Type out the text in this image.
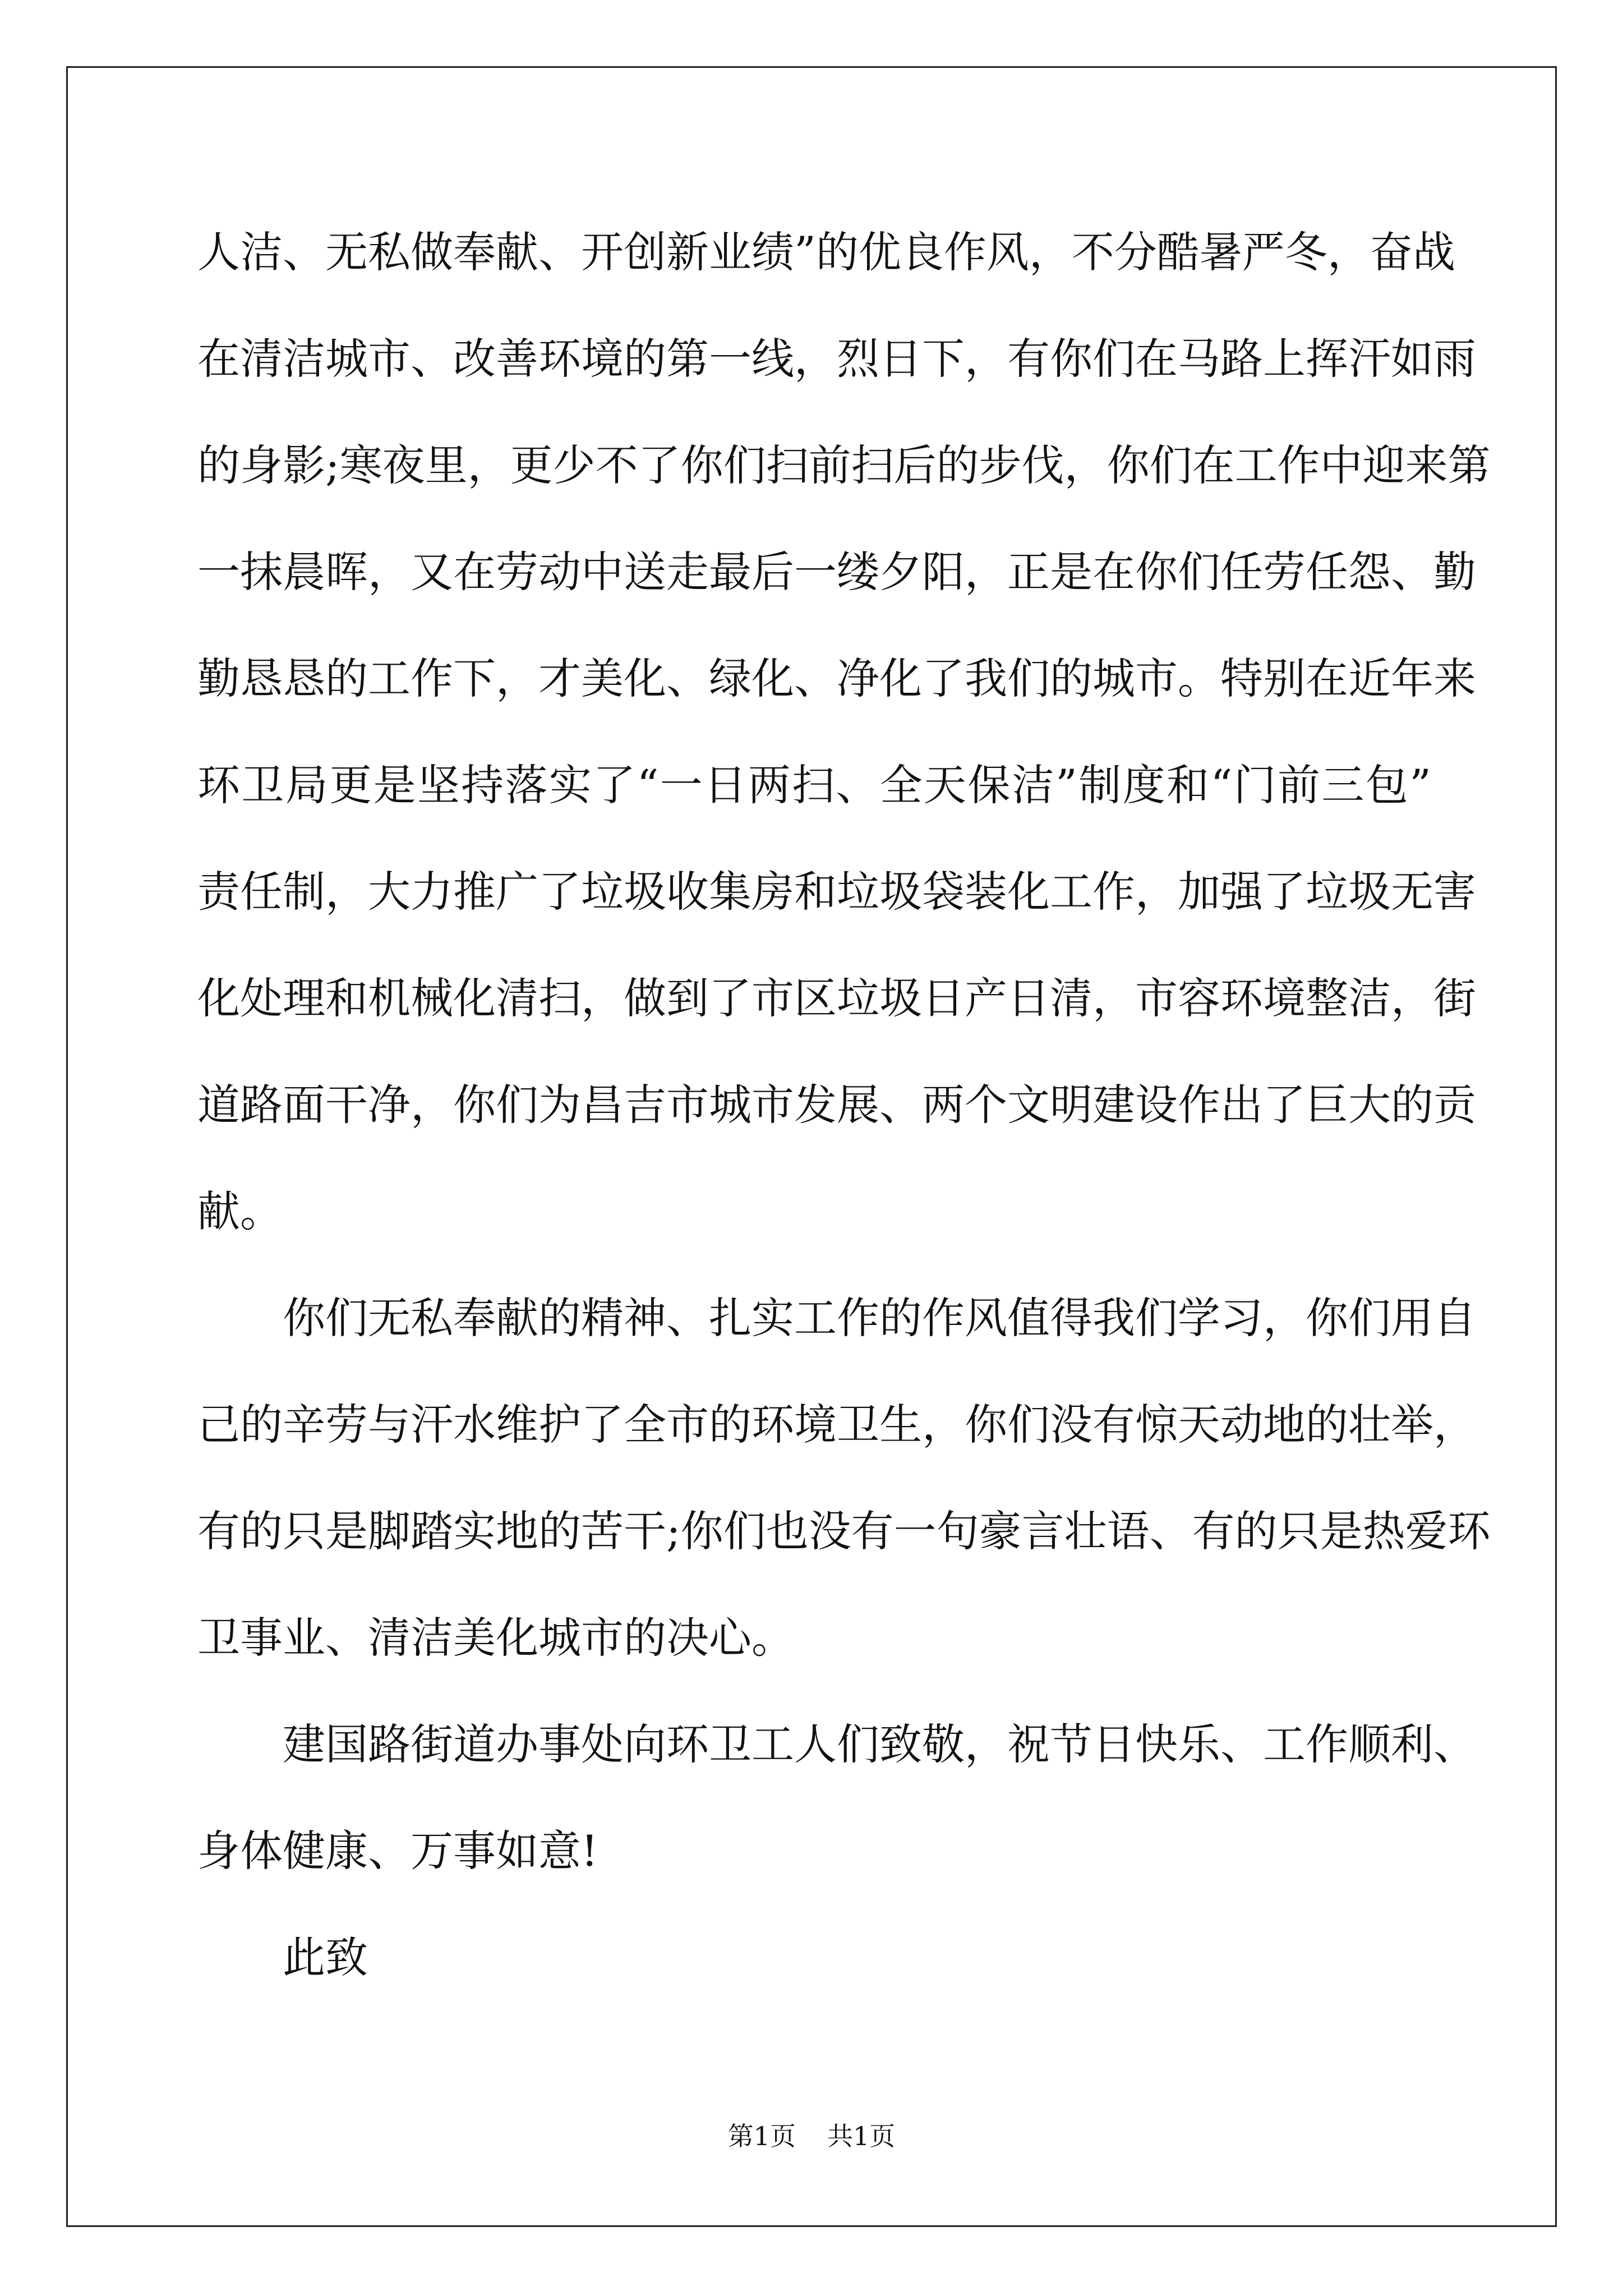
人洁、无私做奉献、开创新业绩”的优良作风，不分酷暑严冬，奋战
在清洁城市、改善环境的第一线，烈日下，有你们在马路上挥汗如雨
的身影;寒夜里，更少不了你们扫前扫后的步伐，你们在工作中迎来第
一抹晨晖，又在劳动中送走最后一缕夕阳，正是在你们任劳任怨、勤
勤恳恳的工作下，才美化、绿化、净化了我们的城市。特别在近年来
环卫局更是坚持落实了“一日两扫、全天保洁”制度和“门前三包”
责任制，大力推广了垃圾收集房和垃圾袋装化工作，加强了垃圾无害
化处理和机械化清扫，做到了市区垃圾日产日清，市容环境整洁，街
道路面干净，你们为昌吉市城市发展、两个文明建设作出了巨大的贡
献。
你们无私奉献的精神、扎实工作的作风值得我们学习，你们用自
己的辛劳与汗水维护了全市的环境卫生，你们没有惊天动地的壮举，
有的只是脚踏实地的苦干;你们也没有一句豪言壮语、有的只是热爱环
卫事业、清洁美化城市的决心。
建国路街道办事处向环卫工人们致敬，祝节日快乐、工作顺利、
身体健康、万事如意!
此致
第1页 共1页
